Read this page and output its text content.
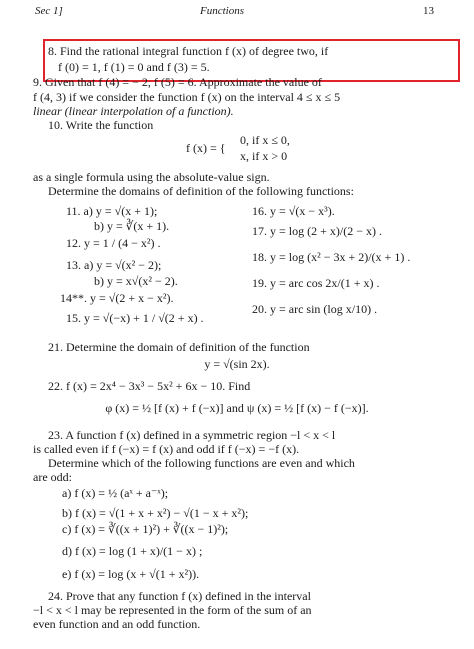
Sec 1]	Functions	13
8. Find the rational integral function f (x) of degree two, if
f (0) = 1, f (1) = 0 and f (3) = 5.
9. Given that f (4) = − 2, f (5) = 6. Approximate the value of
f (4, 3) if we consider the function f (x) on the interval 4 ≤ x ≤ 5
linear (linear interpolation of a function).
10. Write the function
f (x) = {
0, if x ≤ 0,
x, if x > 0
as a single formula using the absolute-value sign.
Determine the domains of definition of the following functions:
11. a) y = √(x + 1);
b) y = ∛(x + 1).
12. y = 1 / (4 − x²) .
13. a) y = √(x² − 2);
b) y = x√(x² − 2).
14**. y = √(2 + x − x²).
15. y = √(−x) + 1 / √(2 + x) .
16. y = √(x − x³).
17. y = log (2 + x)/(2 − x) .
18. y = log (x² − 3x + 2)/(x + 1) .
19. y = arc cos 2x/(1 + x) .
20. y = arc sin (log x/10) .
21. Determine the domain of definition of the function
y = √(sin 2x).
22. f (x) = 2x⁴ − 3x³ − 5x² + 6x − 10. Find
φ (x) = ½ [f (x) + f (−x)] and ψ (x) = ½ [f (x) − f (−x)].
23. A function f (x) defined in a symmetric region −l < x < l
is called even if f (−x) = f (x) and odd if f (−x) = −f (x).
Determine which of the following functions are even and which
are odd:
a) f (x) = ½ (aˣ + a⁻ˣ);
b) f (x) = √(1 + x + x²) − √(1 − x + x²);
c) f (x) = ∛((x + 1)²) + ∛((x − 1)²);
d) f (x) = log (1 + x)/(1 − x) ;
e) f (x) = log (x + √(1 + x²)).
24. Prove that any function f (x) defined in the interval
−l < x < l may be represented in the form of the sum of an
even function and an odd function.
